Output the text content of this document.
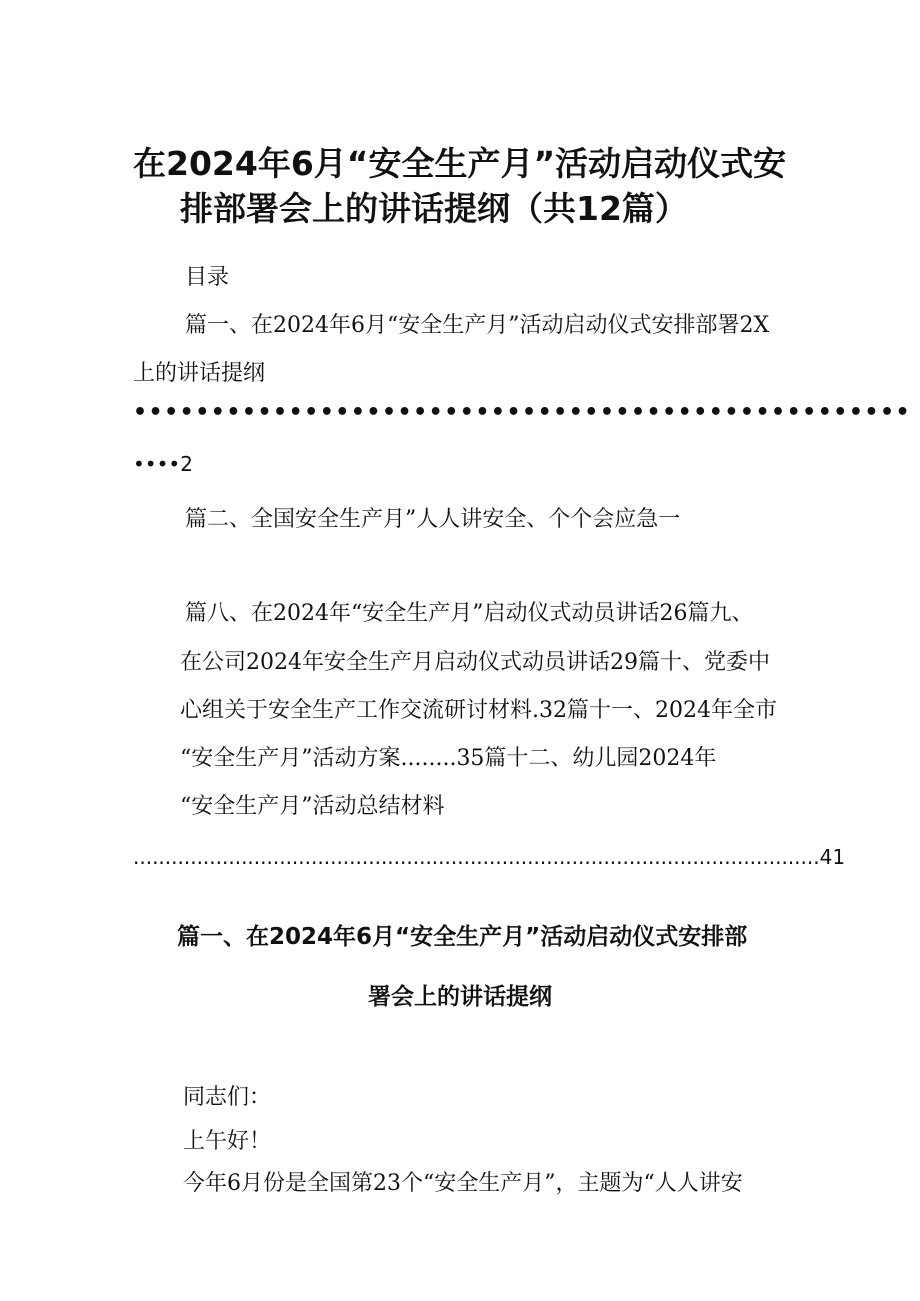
在2024年6月“安全生产月”活动启动仪式安

排部署会上的讲话提纲（共12篇）

目录

篇一、在2024年6月“安全生产月”活动启动仪式安排部署2X

上的讲话提纲

••••••••••••••••••••••••••••••••••••••••••••••••••

••••2

篇二、全国安全生产月”人人讲安全、个个会应急一

篇八、在2024年“安全生产月”启动仪式动员讲话26篇九、

在公司2024年安全生产月启动仪式动员讲话29篇十、党委中

心组关于安全生产工作交流研讨材料.32篇十一、2024年全市

“安全生产月”活动方案........35篇十二、幼儿园2024年

“安全生产月”活动总结材料

............................................................................................................41

篇一、在2024年6月“安全生产月”活动启动仪式安排部

署会上的讲话提纲

同志们：

上午好！

今年6月份是全国第23个“安全生产月”，主题为“人人讲安
